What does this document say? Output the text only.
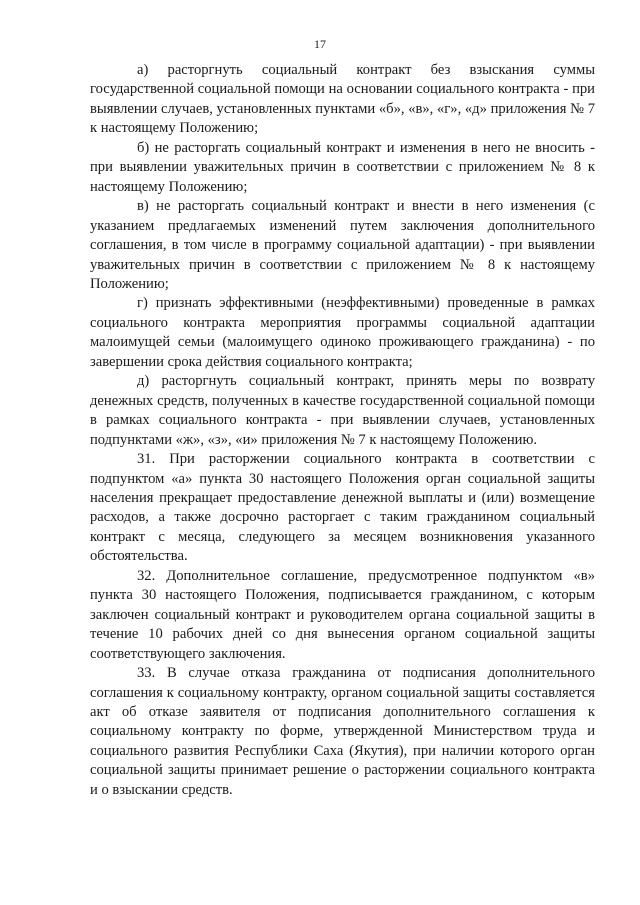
17

а) расторгнуть социальный контракт без взыскания суммы государственной социальной помощи на основании социального контракта - при выявлении случаев, установленных пунктами «б», «в», «г», «д» приложения № 7 к настоящему Положению;

б) не расторгать социальный контракт и изменения в него не вносить - при выявлении уважительных причин в соответствии с приложением № 8 к настоящему Положению;

в) не расторгать социальный контракт и внести в него изменения (с указанием предлагаемых изменений путем заключения дополнительного соглашения, в том числе в программу социальной адаптации) - при выявлении уважительных причин в соответствии с приложением № 8 к настоящему Положению;

г) признать эффективными (неэффективными) проведенные в рамках социального контракта мероприятия программы социальной адаптации малоимущей семьи (малоимущего одиноко проживающего гражданина) - по завершении срока действия социального контракта;

д) расторгнуть социальный контракт, принять меры по возврату денежных средств, полученных в качестве государственной социальной помощи в рамках социального контракта - при выявлении случаев, установленных подпунктами «ж», «з», «и» приложения № 7 к настоящему Положению.

31. При расторжении социального контракта в соответствии с подпунктом «а» пункта 30 настоящего Положения орган социальной защиты населения прекращает предоставление денежной выплаты и (или) возмещение расходов, а также досрочно расторгает с таким гражданином социальный контракт с месяца, следующего за месяцем возникновения указанного обстоятельства.

32. Дополнительное соглашение, предусмотренное подпунктом «в» пункта 30 настоящего Положения, подписывается гражданином, с которым заключен социальный контракт и руководителем органа социальной защиты в течение 10 рабочих дней со дня вынесения органом социальной защиты соответствующего заключения.

33. В случае отказа гражданина от подписания дополнительного соглашения к социальному контракту, органом социальной защиты составляется акт об отказе заявителя от подписания дополнительного соглашения к социальному контракту по форме, утвержденной Министерством труда и социального развития Республики Саха (Якутия), при наличии которого орган социальной защиты принимает решение о расторжении социального контракта и о взыскании средств.
